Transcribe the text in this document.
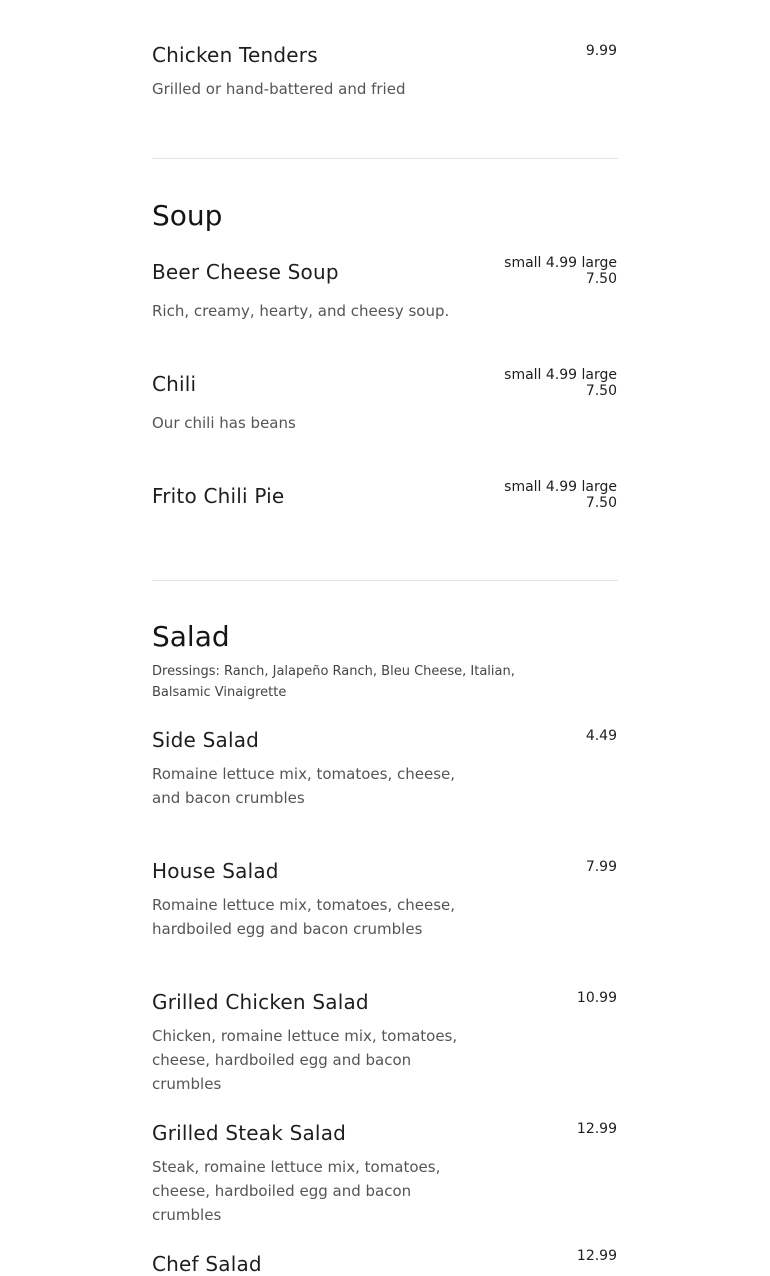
Chicken Tenders	9.99
Grilled or hand-battered and fried
Soup
Beer Cheese Soup	small 4.99 large 7.50
Rich, creamy, hearty, and cheesy soup.
Chili	small 4.99 large 7.50
Our chili has beans
Frito Chili Pie	small 4.99 large 7.50
Salad
Dressings: Ranch, Jalapeño Ranch, Bleu Cheese, Italian, Balsamic Vinaigrette
Side Salad	4.49
Romaine lettuce mix, tomatoes, cheese, and bacon crumbles
House Salad	7.99
Romaine lettuce mix, tomatoes, cheese, hardboiled egg and bacon crumbles
Grilled Chicken Salad	10.99
Chicken, romaine lettuce mix, tomatoes, cheese, hardboiled egg and bacon crumbles
Grilled Steak Salad	12.99
Steak, romaine lettuce mix, tomatoes, cheese, hardboiled egg and bacon crumbles
Chef Salad	12.99
